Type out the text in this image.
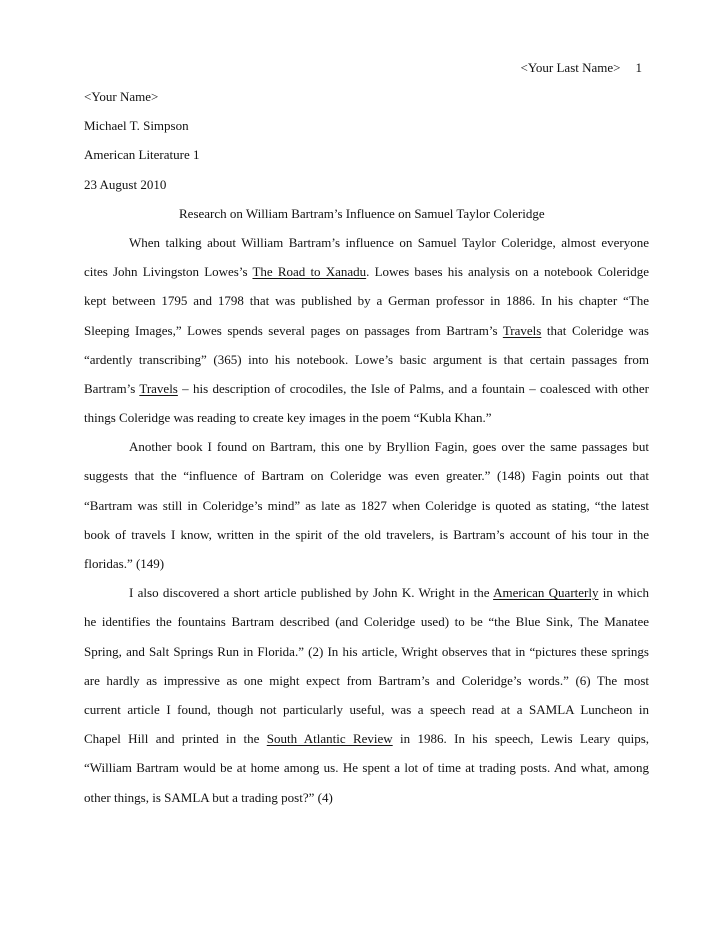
<Your Last Name> 1
<Your Name>
Michael T. Simpson
American Literature 1
23 August 2010
Research on William Bartram’s Influence on Samuel Taylor Coleridge
When talking about William Bartram’s influence on Samuel Taylor Coleridge, almost everyone
cites John Livingston Lowes’s The Road to Xanadu. Lowes bases his analysis on a notebook Coleridge
kept between 1795 and 1798 that was published by a German professor in 1886. In his chapter “The
Sleeping Images,” Lowes spends several pages on passages from Bartram’s Travels that Coleridge was
“ardently transcribing” (365) into his notebook. Lowe’s basic argument is that certain passages from
Bartram’s Travels – his description of crocodiles, the Isle of Palms, and a fountain – coalesced with other
things Coleridge was reading to create key images in the poem “Kubla Khan.”
Another book I found on Bartram, this one by Bryllion Fagin, goes over the same passages but
suggests that the “influence of Bartram on Coleridge was even greater.” (148) Fagin points out that
“Bartram was still in Coleridge’s mind” as late as 1827 when Coleridge is quoted as stating, “the latest
book of travels I know, written in the spirit of the old travelers, is Bartram’s account of his tour in the
floridas.” (149)
I also discovered a short article published by John K. Wright in the American Quarterly in which
he identifies the fountains Bartram described (and Coleridge used) to be “the Blue Sink, The Manatee
Spring, and Salt Springs Run in Florida.” (2) In his article, Wright observes that in “pictures these springs
are hardly as impressive as one might expect from Bartram’s and Coleridge’s words.” (6) The most
current article I found, though not particularly useful, was a speech read at a SAMLA Luncheon in
Chapel Hill and printed in the South Atlantic Review in 1986. In his speech, Lewis Leary quips,
“William Bartram would be at home among us. He spent a lot of time at trading posts. And what, among
other things, is SAMLA but a trading post?” (4)
